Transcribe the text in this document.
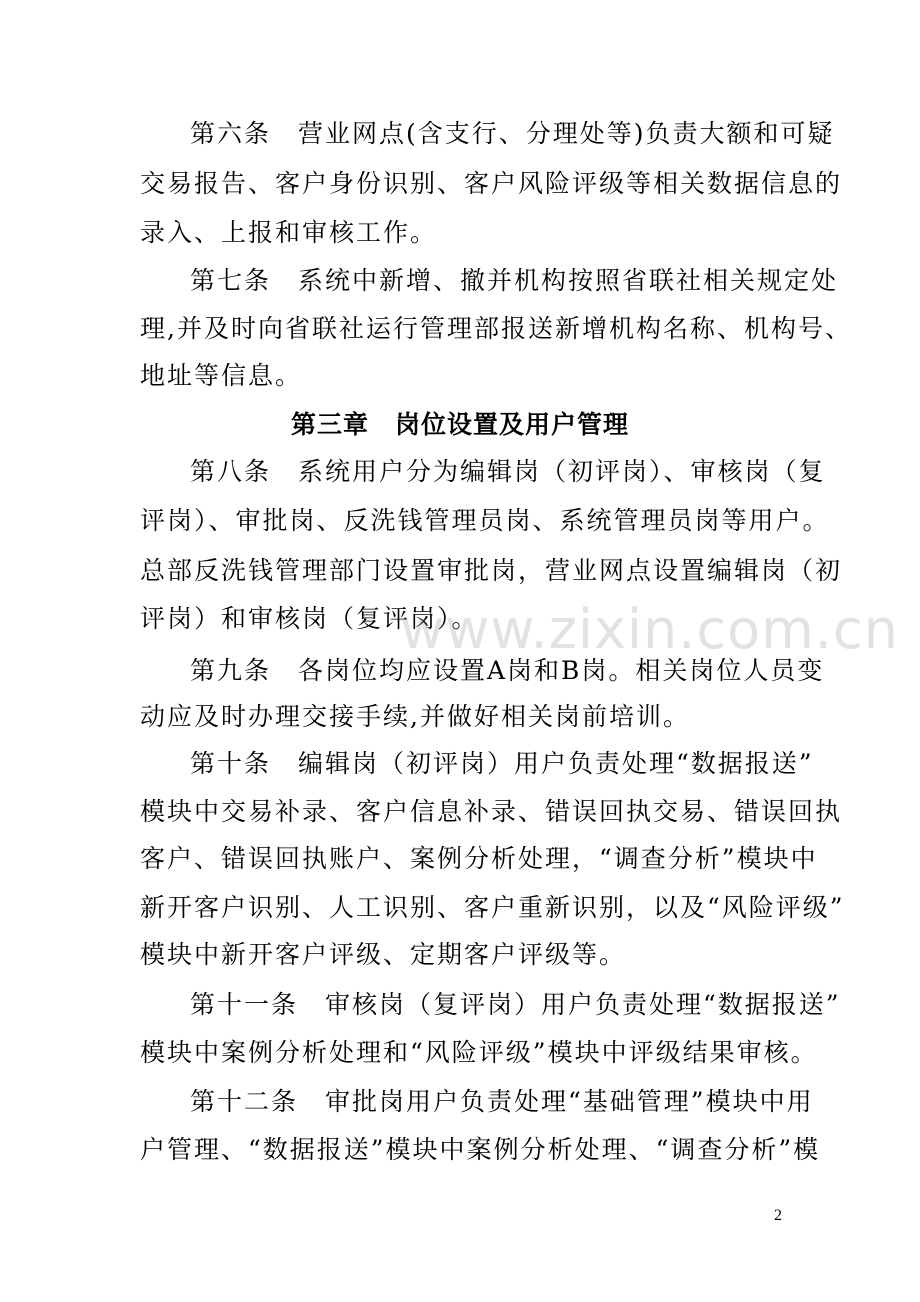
第六条　营业网点(含支行、分理处等)负责大额和可疑
交易报告、客户身份识别、客户风险评级等相关数据信息的
录入、上报和审核工作。
第七条　系统中新增、撤并机构按照省联社相关规定处
理,并及时向省联社运行管理部报送新增机构名称、机构号、
地址等信息。
第三章　岗位设置及用户管理
第八条　系统用户分为编辑岗（初评岗）、审核岗（复
评岗）、审批岗、反洗钱管理员岗、系统管理员岗等用户。
总部反洗钱管理部门设置审批岗，营业网点设置编辑岗（初
评岗）和审核岗（复评岗）。
第九条　各岗位均应设置A岗和B岗。相关岗位人员变
动应及时办理交接手续,并做好相关岗前培训。
第十条　编辑岗（初评岗）用户负责处理“数据报送”
模块中交易补录、客户信息补录、错误回执交易、错误回执
客户、错误回执账户、案例分析处理，“调查分析”模块中
新开客户识别、人工识别、客户重新识别，以及“风险评级”
模块中新开客户评级、定期客户评级等。
第十一条　审核岗（复评岗）用户负责处理“数据报送”
模块中案例分析处理和“风险评级”模块中评级结果审核。
第十二条　审批岗用户负责处理“基础管理”模块中用
户管理、“数据报送”模块中案例分析处理、“调查分析”模
www.zixin.com.cn
2
